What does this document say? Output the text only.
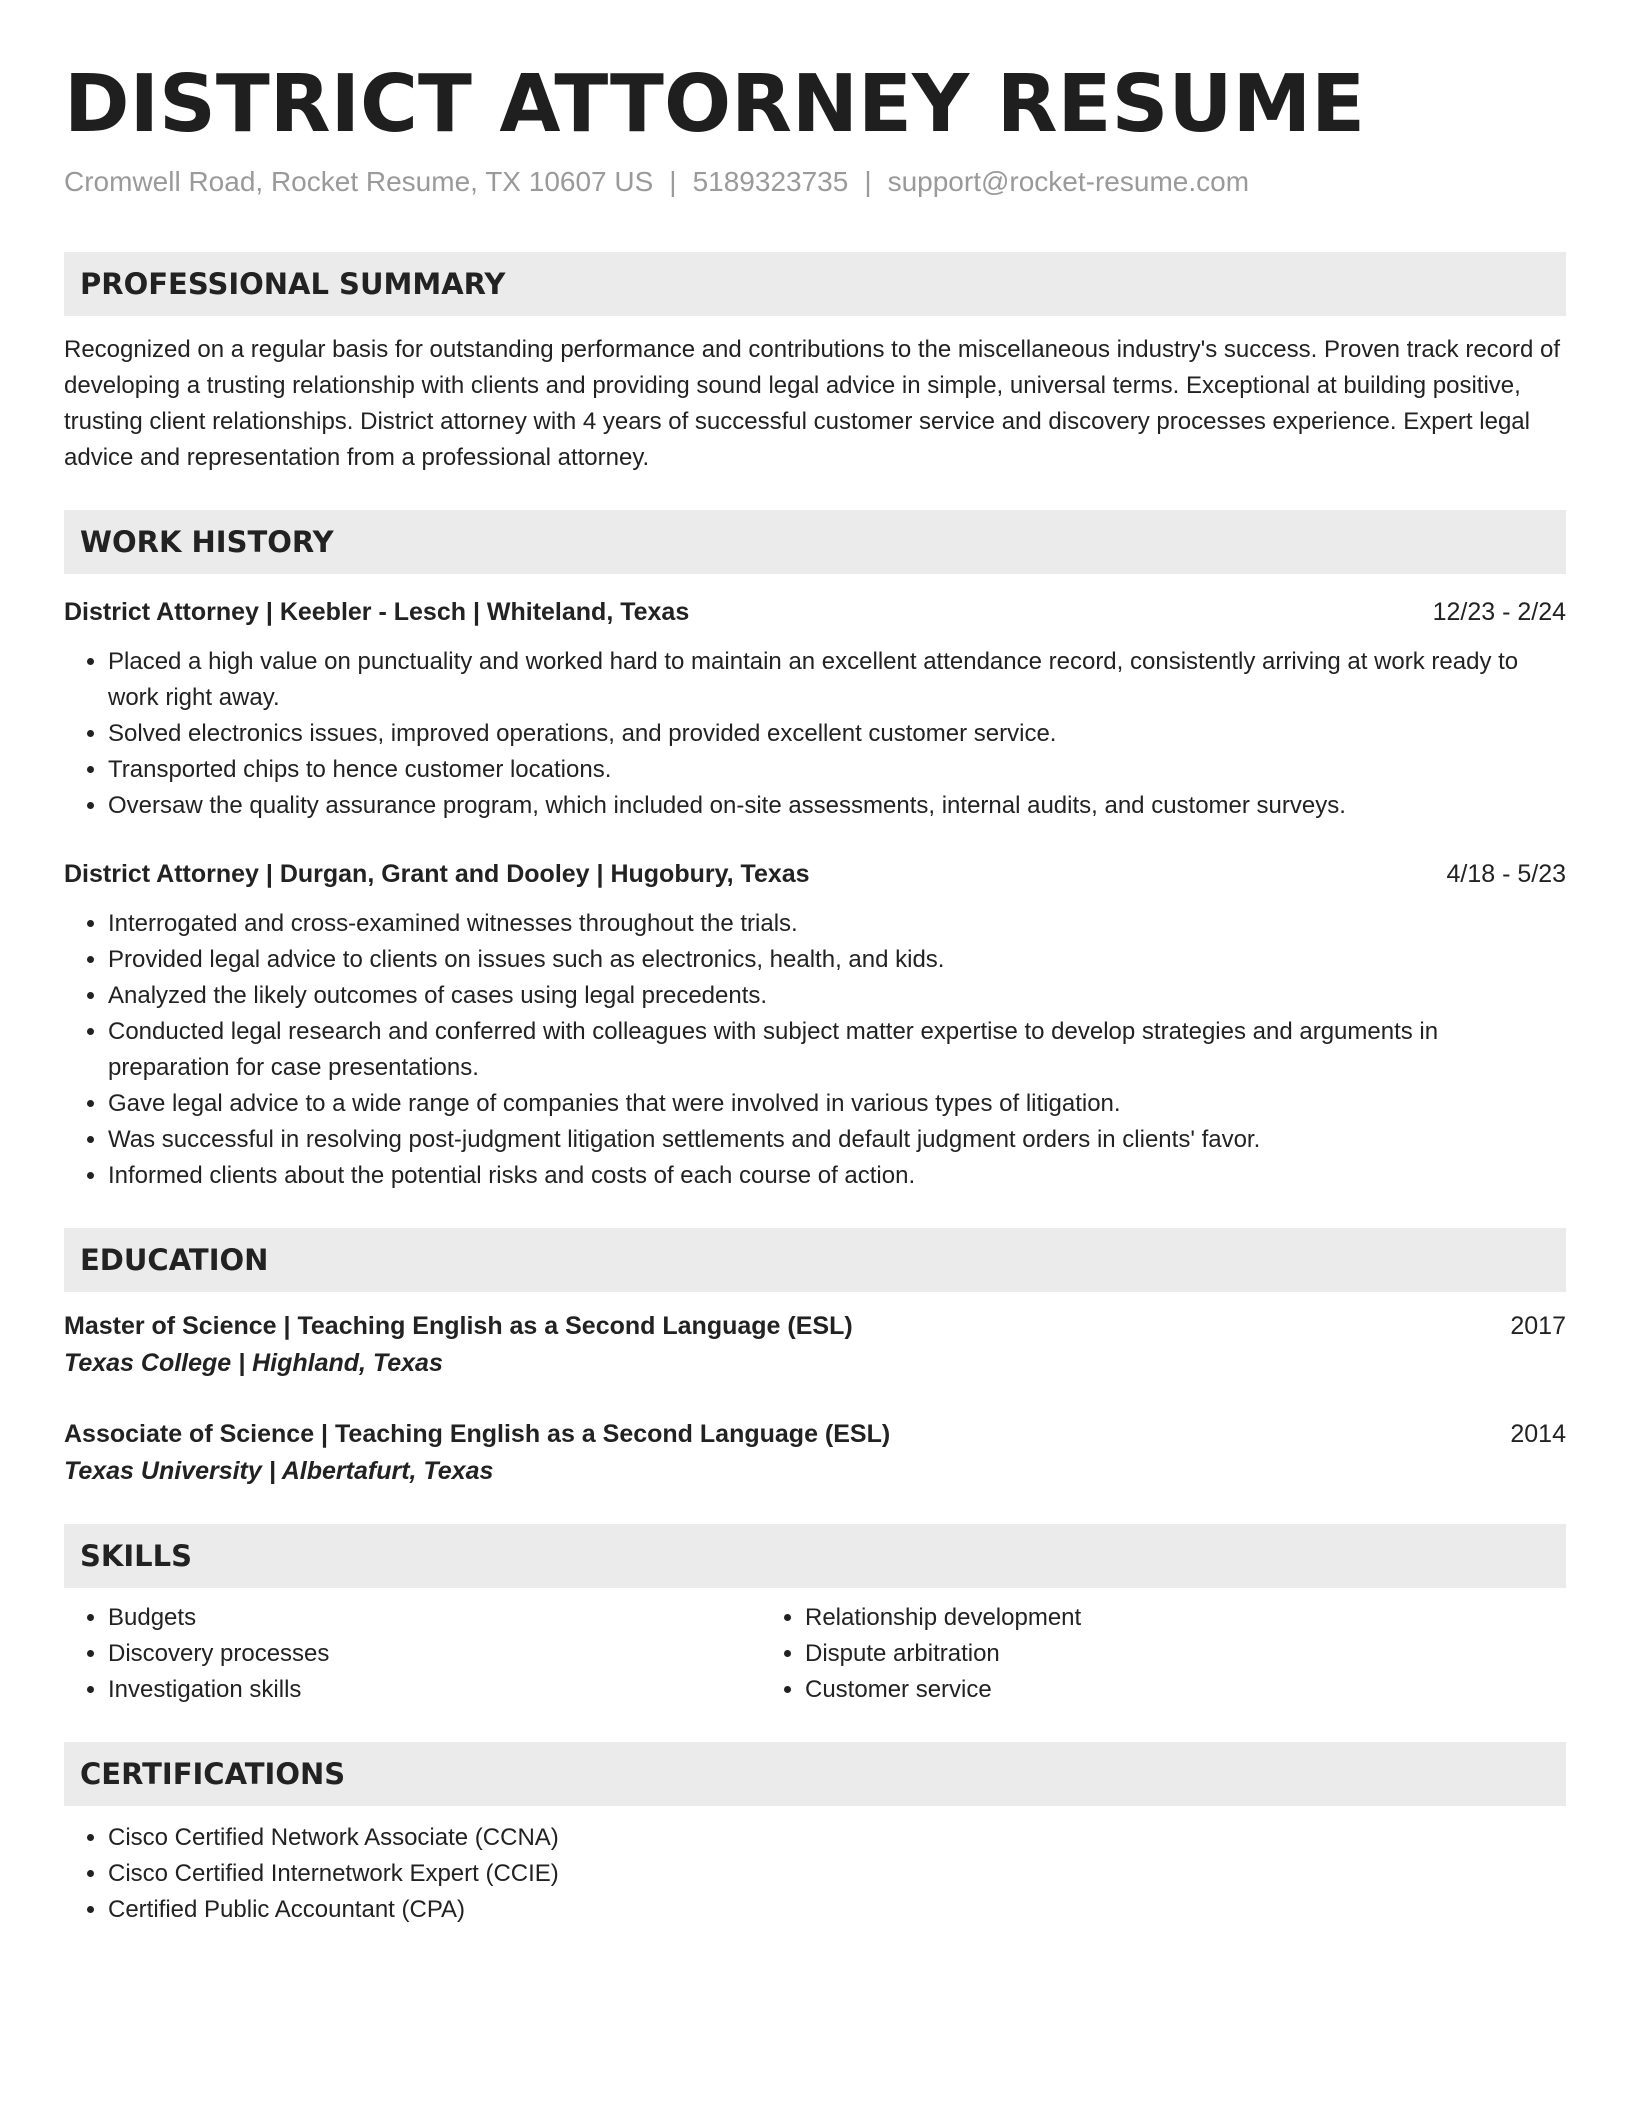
DISTRICT ATTORNEY RESUME
Cromwell Road, Rocket Resume, TX 10607 US | 5189323735 | support@rocket-resume.com
PROFESSIONAL SUMMARY
Recognized on a regular basis for outstanding performance and contributions to the miscellaneous industry's success. Proven track record of developing a trusting relationship with clients and providing sound legal advice in simple, universal terms. Exceptional at building positive, trusting client relationships. District attorney with 4 years of successful customer service and discovery processes experience. Expert legal advice and representation from a professional attorney.
WORK HISTORY
District Attorney | Keebler - Lesch | Whiteland, Texas	12/23 - 2/24
• Placed a high value on punctuality and worked hard to maintain an excellent attendance record, consistently arriving at work ready to work right away.
• Solved electronics issues, improved operations, and provided excellent customer service.
• Transported chips to hence customer locations.
• Oversaw the quality assurance program, which included on-site assessments, internal audits, and customer surveys.
District Attorney | Durgan, Grant and Dooley | Hugobury, Texas	4/18 - 5/23
• Interrogated and cross-examined witnesses throughout the trials.
• Provided legal advice to clients on issues such as electronics, health, and kids.
• Analyzed the likely outcomes of cases using legal precedents.
• Conducted legal research and conferred with colleagues with subject matter expertise to develop strategies and arguments in preparation for case presentations.
• Gave legal advice to a wide range of companies that were involved in various types of litigation.
• Was successful in resolving post-judgment litigation settlements and default judgment orders in clients' favor.
• Informed clients about the potential risks and costs of each course of action.
EDUCATION
Master of Science | Teaching English as a Second Language (ESL)	2017
Texas College | Highland, Texas
Associate of Science | Teaching English as a Second Language (ESL)	2014
Texas University | Albertafurt, Texas
SKILLS
• Budgets
• Discovery processes
• Investigation skills
• Relationship development
• Dispute arbitration
• Customer service
CERTIFICATIONS
• Cisco Certified Network Associate (CCNA)
• Cisco Certified Internetwork Expert (CCIE)
• Certified Public Accountant (CPA)
